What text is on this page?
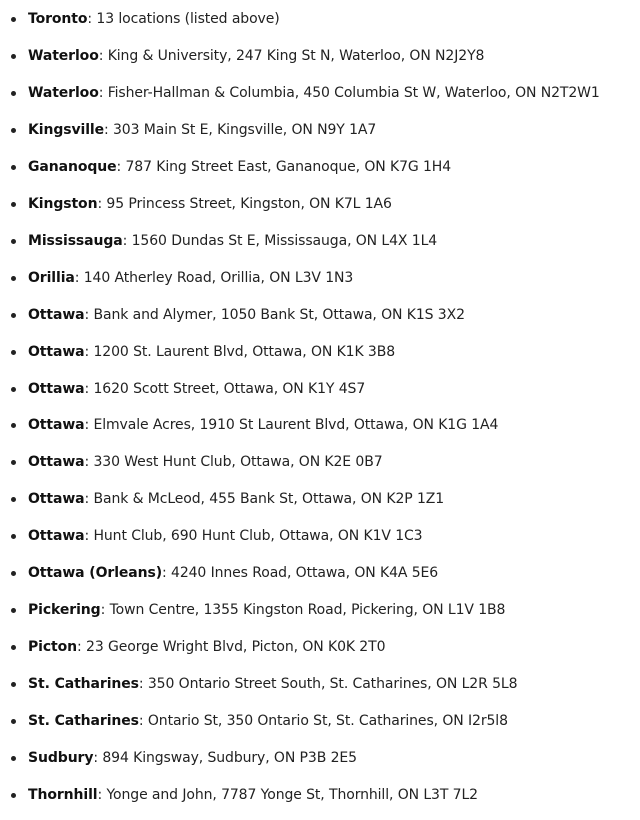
Toronto: 13 locations (listed above)
Waterloo: King & University, 247 King St N, Waterloo, ON N2J2Y8
Waterloo: Fisher-Hallman & Columbia, 450 Columbia St W, Waterloo, ON N2T2W1
Kingsville: 303 Main St E, Kingsville, ON N9Y 1A7
Gananoque: 787 King Street East, Gananoque, ON K7G 1H4
Kingston: 95 Princess Street, Kingston, ON K7L 1A6
Mississauga: 1560 Dundas St E, Mississauga, ON L4X 1L4
Orillia: 140 Atherley Road, Orillia, ON L3V 1N3
Ottawa: Bank and Alymer, 1050 Bank St, Ottawa, ON K1S 3X2
Ottawa: 1200 St. Laurent Blvd, Ottawa, ON K1K 3B8
Ottawa: 1620 Scott Street, Ottawa, ON K1Y 4S7
Ottawa: Elmvale Acres, 1910 St Laurent Blvd, Ottawa, ON K1G 1A4
Ottawa: 330 West Hunt Club, Ottawa, ON K2E 0B7
Ottawa: Bank & McLeod, 455 Bank St, Ottawa, ON K2P 1Z1
Ottawa: Hunt Club, 690 Hunt Club, Ottawa, ON K1V 1C3
Ottawa (Orleans): 4240 Innes Road, Ottawa, ON K4A 5E6
Pickering: Town Centre, 1355 Kingston Road, Pickering, ON L1V 1B8
Picton: 23 George Wright Blvd, Picton, ON K0K 2T0
St. Catharines: 350 Ontario Street South, St. Catharines, ON L2R 5L8
St. Catharines: Ontario St, 350 Ontario St, St. Catharines, ON I2r5l8
Sudbury: 894 Kingsway, Sudbury, ON P3B 2E5
Thornhill: Yonge and John, 7787 Yonge St, Thornhill, ON L3T 7L2
